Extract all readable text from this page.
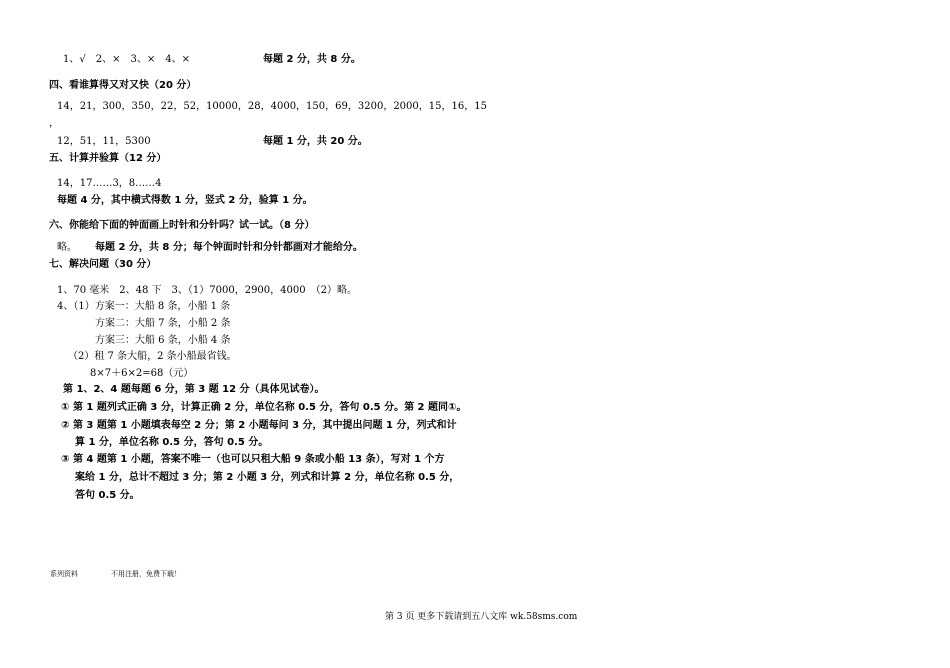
1、√　2、×　3、×　4、×	每题 2 分，共 8 分。
四、看谁算得又对又快（20 分）
14，21，300，350，22，52，10000，28，4000，150，69，3200，2000，15，16，15
，
12，51，11，5300	每题 1 分，共 20 分。
五、计算并验算（12 分）
14，17……3，8……4
每题 4 分，其中横式得数 1 分，竖式 2 分，验算 1 分。
六、你能给下面的钟面画上时针和分针吗？试一试。（8 分）
略。 每题 2 分，共 8 分；每个钟面时针和分针都画对才能给分。
七、解决问题（30 分）
1、70 毫米　2、48 下　3、（1）7000，2900，4000　（2）略。
4、（1）方案一：大船 8 条，小船 1 条
方案二：大船 7 条，小船 2 条
方案三：大船 6 条，小船 4 条
（2）租 7 条大船，2 条小船最省钱。
8×7＋6×2=68（元）
第 1、2、4 题每题 6 分，第 3 题 12 分（具体见试卷）。
① 第 1 题列式正确 3 分，计算正确 2 分，单位名称 0.5 分，答句 0.5 分。第 2 题同①。
② 第 3 题第 1 小题填表每空 2 分；第 2 小题每问 3 分，其中提出问题 1 分，列式和计
算 1 分，单位名称 0.5 分，答句 0.5 分。
③ 第 4 题第 1 小题，答案不唯一（也可以只租大船 9 条或小船 13 条），写对 1 个方
案给 1 分，总计不超过 3 分；第 2 小题 3 分，列式和计算 2 分，单位名称 0.5 分，
答句 0.5 分。
系列资料	不用注册，免费下载！
第 3 页 更多下载请到五八文库 wk.58sms.com
